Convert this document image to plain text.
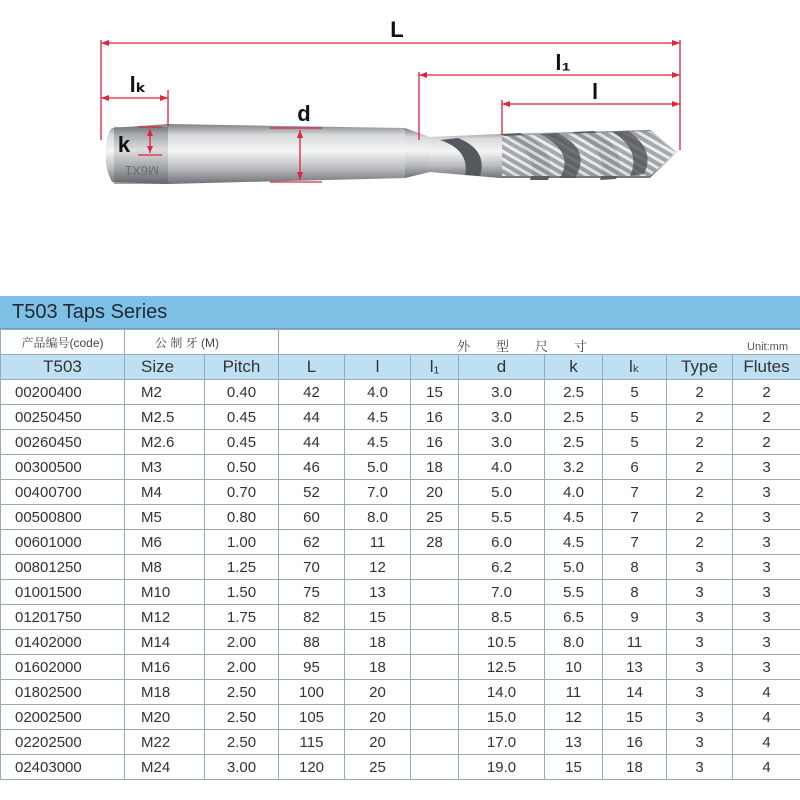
M6X1
L
l₁
l
lₖ
d
k
T503 Taps Series
产品编号(code)	公 制 牙 (M)		外　　型　　尺　　寸 Unit:mm							

T503	Size	Pitch	L	l	l₁	d	k	lₖ	Type	Flutes
00200400	M2	0.40	42	4.0	15	3.0	2.5	5	2	2
00250450	M2.5	0.45	44	4.5	16	3.0	2.5	5	2	2
00260450	M2.6	0.45	44	4.5	16	3.0	2.5	5	2	2
00300500	M3	0.50	46	5.0	18	4.0	3.2	6	2	3
00400700	M4	0.70	52	7.0	20	5.0	4.0	7	2	3
00500800	M5	0.80	60	8.0	25	5.5	4.5	7	2	3
00601000	M6	1.00	62	11	28	6.0	4.5	7	2	3
00801250	M8	1.25	70	12		6.2	5.0	8	3	3
01001500	M10	1.50	75	13		7.0	5.5	8	3	3
01201750	M12	1.75	82	15		8.5	6.5	9	3	3
01402000	M14	2.00	88	18		10.5	8.0	11	3	3
01602000	M16	2.00	95	18		12.5	10	13	3	3
01802500	M18	2.50	100	20		14.0	11	14	3	4
02002500	M20	2.50	105	20		15.0	12	15	3	4
02202500	M22	2.50	115	20		17.0	13	16	3	4
02403000	M24	3.00	120	25		19.0	15	18	3	4
